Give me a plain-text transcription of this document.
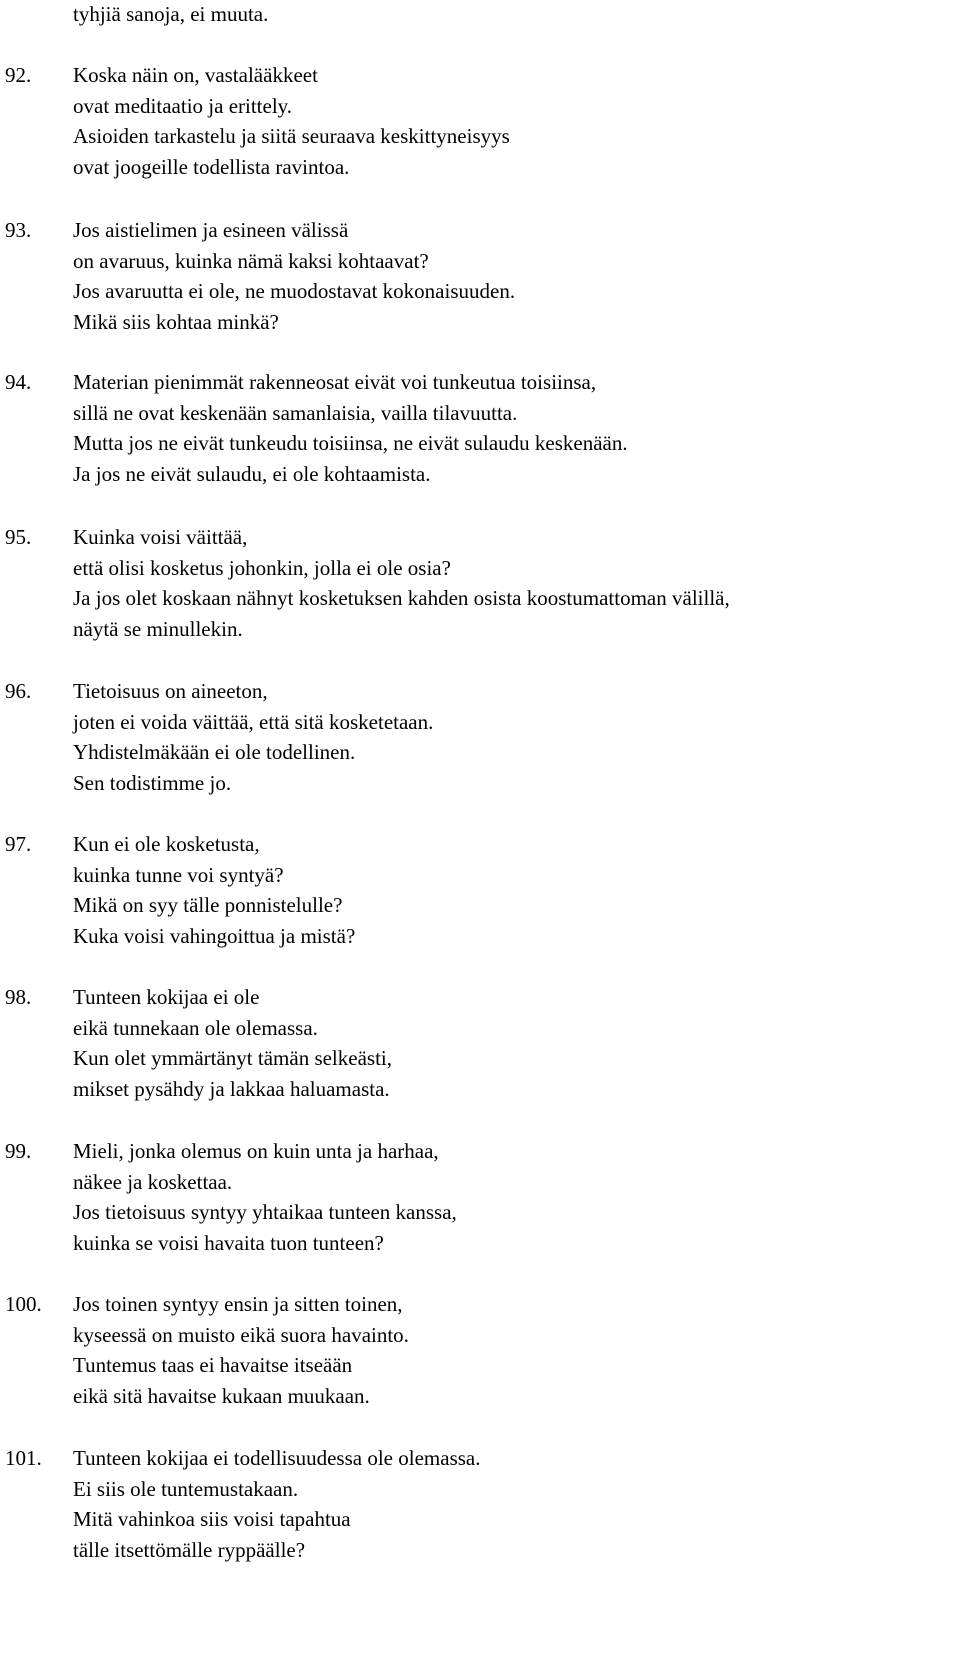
tyhjiä sanoja, ei muuta.
92. Koska näin on, vastalääkkeet
ovat meditaatio ja erittely.
Asioiden tarkastelu ja siitä seuraava keskittyneisyys
ovat joogeille todellista ravintoa.
93. Jos aistielimen ja esineen välissä
on avaruus, kuinka nämä kaksi kohtaavat?
Jos avaruutta ei ole, ne muodostavat kokonaisuuden.
Mikä siis kohtaa minkä?
94. Materian pienimmät rakenneosat eivät voi tunkeutua toisiinsa,
sillä ne ovat keskenään samanlaisia, vailla tilavuutta.
Mutta jos ne eivät tunkeudu toisiinsa, ne eivät sulaudu keskenään.
Ja jos ne eivät sulaudu, ei ole kohtaamista.
95. Kuinka voisi väittää,
että olisi kosketus johonkin, jolla ei ole osia?
Ja jos olet koskaan nähnyt kosketuksen kahden osista koostumattoman välillä,
näytä se minullekin.
96. Tietoisuus on aineeton,
joten ei voida väittää, että sitä kosketetaan.
Yhdistelmäkään ei ole todellinen.
Sen todistimme jo.
97. Kun ei ole kosketusta,
kuinka tunne voi syntyä?
Mikä on syy tälle ponnistelulle?
Kuka voisi vahingoittua ja mistä?
98. Tunteen kokijaa ei ole
eikä tunnekaan ole olemassa.
Kun olet ymmärtänyt tämän selkeästi,
mikset pysähdy ja lakkaa haluamasta.
99. Mieli, jonka olemus on kuin unta ja harhaa,
näkee ja koskettaa.
Jos tietoisuus syntyy yhtaikaa tunteen kanssa,
kuinka se voisi havaita tuon tunteen?
100. Jos toinen syntyy ensin ja sitten toinen,
kyseessä on muisto eikä suora havainto.
Tuntemus taas ei havaitse itseään
eikä sitä havaitse kukaan muukaan.
101. Tunteen kokijaa ei todellisuudessa ole olemassa.
Ei siis ole tuntemustakaan.
Mitä vahinkoa siis voisi tapahtua
tälle itsettömälle ryppäälle?
